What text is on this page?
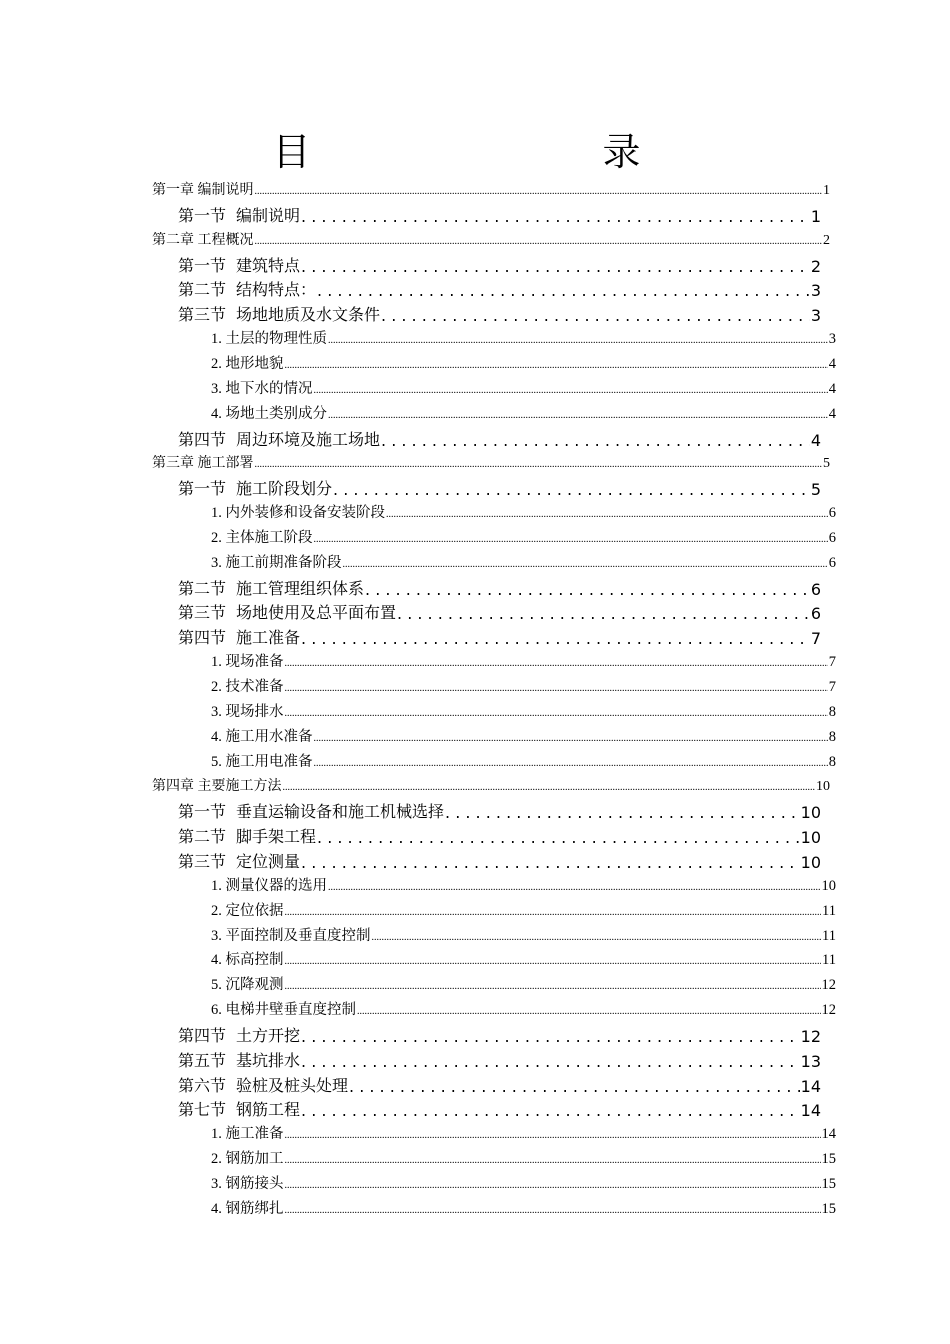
目　　录
第一章 编制说明 .....	1
第一节 编制说明 . . .	1
第二章 工程概况 .....	2
第一节 建筑特点 . . .	2
第二节 结构特点： . . .	3
第三节 场地地质及水文条件 . . .	3
1. 土层的物理性质 .....	3
2. 地形地貌 .....	4
3. 地下水的情况 .....	4
4. 场地土类别成分 .....	4
第四节 周边环境及施工场地 . . .	4
第三章 施工部署 .....	5
第一节 施工阶段划分 . . .	5
1. 内外装修和设备安装阶段 .....	6
2. 主体施工阶段 .....	6
3. 施工前期准备阶段 .....	6
第二节 施工管理组织体系 . . .	6
第三节 场地使用及总平面布置 . . .	6
第四节 施工准备 . . .	7
1. 现场准备 .....	7
2. 技术准备 .....	7
3. 现场排水 .....	8
4. 施工用水准备 .....	8
5. 施工用电准备 .....	8
第四章 主要施工方法 .....	10
第一节 垂直运输设备和施工机械选择 . . .	10
第二节 脚手架工程 . . .	10
第三节 定位测量 . . .	10
1. 测量仪器的选用 .....	10
2. 定位依据 .....	11
3. 平面控制及垂直度控制 .....	11
4. 标高控制 .....	11
5. 沉降观测 .....	12
6. 电梯井壁垂直度控制 .....	12
第四节 土方开挖 . . .	12
第五节 基坑排水 . . .	13
第六节 验桩及桩头处理 . . .	14
第七节 钢筋工程 . . .	14
1. 施工准备 .....	14
2. 钢筋加工 .....	15
3. 钢筋接头 .....	15
4. 钢筋绑扎 .....	15
